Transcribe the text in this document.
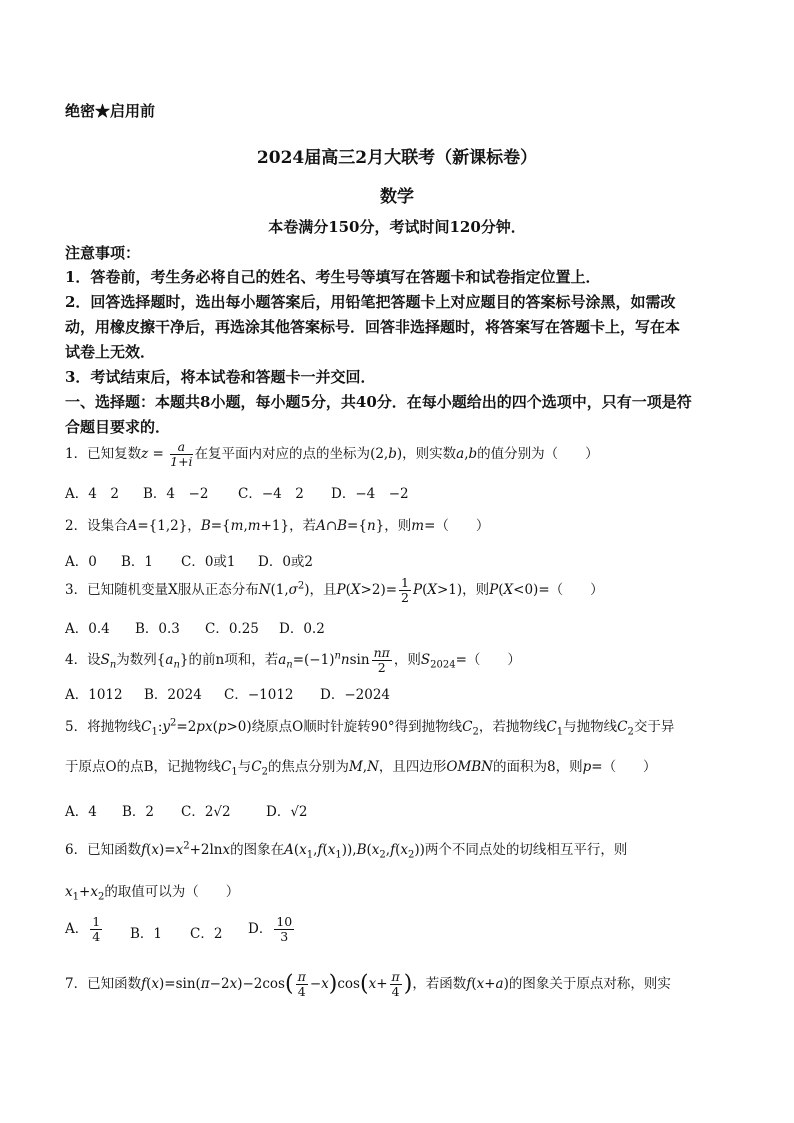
绝密★启用前
2024届高三2月大联考（新课标卷）
数学
本卷满分150分，考试时间120分钟．
注意事项：
1．答卷前，考生务必将自己的姓名、考生号等填写在答题卡和试卷指定位置上．
2．回答选择题时，选出每小题答案后，用铅笔把答题卡上对应题目的答案标号涂黑，如需改
动，用橡皮擦干净后，再选涂其他答案标号．回答非选择题时，将答案写在答题卡上，写在本
试卷上无效．
3．考试结束后，将本试卷和答题卡一并交回．
一、选择题：本题共8小题，每小题5分，共40分．在每小题给出的四个选项中，只有一项是符
合题目要求的．
1．已知复数$z = \frac{a}{1+i}$ 在复平面内对应的点的坐标为(2,b)，则实数a,b的值分别为（　　）
A．4　2 B．4　−2 C．−4　2 D．−4　−2
2．设集合A={1,2}，B={m,m+1}，若A∩B={n}，则m=（　　）
A．0 B．1 C．0或1 D．0或2
3．已知随机变量X服从正态分布$N(1,\sigma^2)$，且$P(X>2)= \frac{1}{2} P(X>1)$，则P(X<0)=（　　）
A．0.4 B．0.3 C．0.25 D．0.2
4．设$S_n$为数列$\{a_n\}$的前n项和，若$a_n=(-1)^nnsin \frac{n\pi}{2}$ ，则$S_{2024}=$（　　）
A．1012 B．2024 C．−1012 D．−2024
5．将抛物线$C_1:y^2=2px(p>0)$绕原点O顺时针旋转90°得到抛物线$C_2$，若抛物线$C_1$与抛物线$C_2$交于异
于原点O的点B，记抛物线$C_1$与$C_2$的焦点分别为M,N，且四边形OMBN的面积为8，则p=（　　）
A．4 B．2 C．2√2	D．√2
6．已知函数$f(x)=x^2+2\ln x$的图象在$A(x_1,f(x_1)),B(x_2,f(x_2))$两个不同点处的切线相互平行，则
$x_1+x_2$的取值可以为（　　）
A． $\frac{1}{4}$ B．1 C．2 D． $\frac{10}{3}$
7．已知函数$f(x)=\sin(\pi-2x)-2\cos( \frac{\pi}{4} -x)\cos(x+ \frac{\pi}{4}$ )，若函数f(x+a)的图象关于原点对称，则实
